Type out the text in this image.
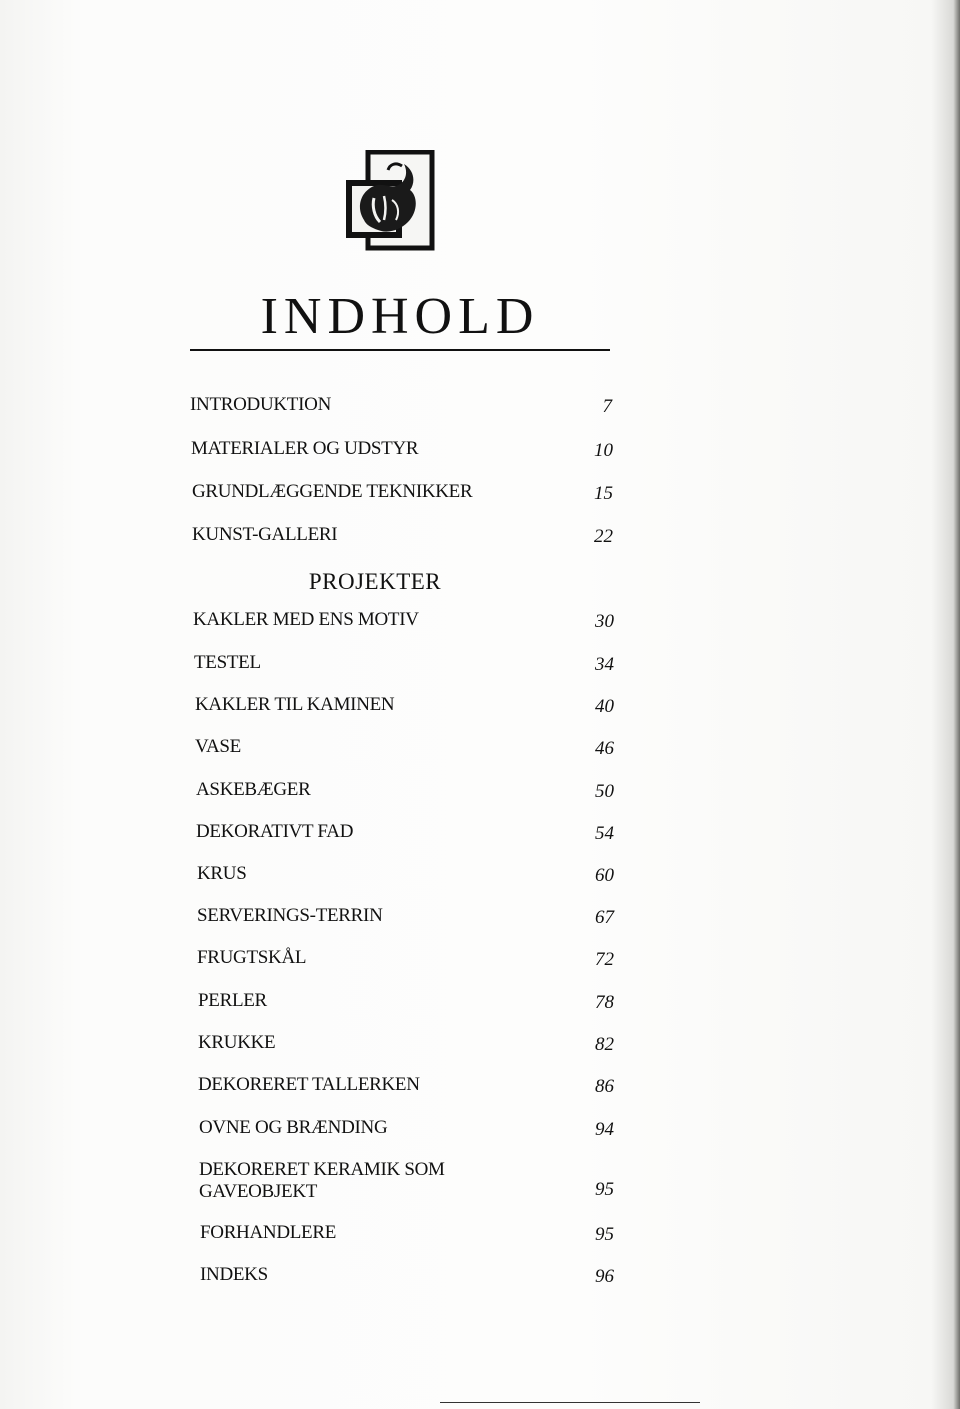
INDHOLD
INTRODUKTION	7
MATERIALER OG UDSTYR	10
GRUNDLÆGGENDE TEKNIKKER	15
KUNST-GALLERI	22
PROJEKTER
KAKLER MED ENS MOTIV	30
TESTEL	34
KAKLER TIL KAMINEN	40
VASE	46
ASKEBÆGER	50
DEKORATIVT FAD	54
KRUS	60
SERVERINGS-TERRIN	67
FRUGTSKÅL	72
PERLER	78
KRUKKE	82
DEKORERET TALLERKEN	86
OVNE OG BRÆNDING	94
DEKORERET KERAMIK SOM
GAVEOBJEKT	95
FORHANDLERE	95
INDEKS	96
